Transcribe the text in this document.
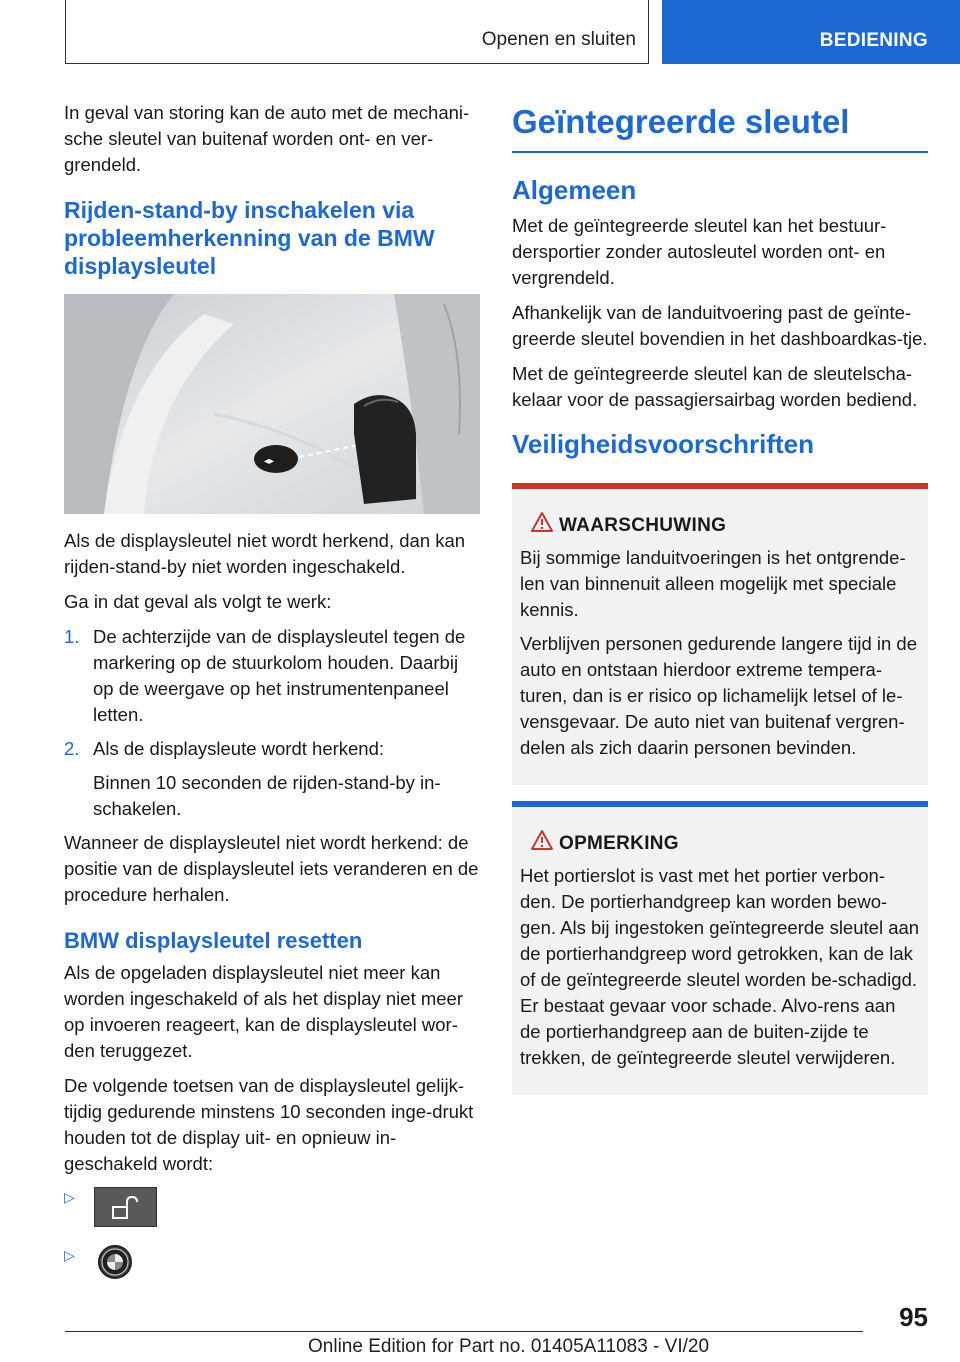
Openen en sluiten	BEDIENING

In geval van storing kan de auto met de mechani-sche sleutel van buitenaf worden ont- en ver-grendeld.

Rijden-stand-by inschakelen via probleemherkenning van de BMW displaysleutel
◂▸

Als de displaysleutel niet wordt herkend, dan kan rijden-stand-by niet worden ingeschakeld.

Ga in dat geval als volgt te werk:

1. De achterzijde van de displaysleutel tegen de markering op de stuurkolom houden. Daarbij op de weergave op het instrumentenpaneel letten.
2. Als de displaysleute wordt herkend:
Binnen 10 seconden de rijden-stand-by in-schakelen.

Wanneer de displaysleutel niet wordt herkend: de positie van de displaysleutel iets veranderen en de procedure herhalen.

BMW displaysleutel resetten

Als de opgeladen displaysleutel niet meer kan worden ingeschakeld of als het display niet meer op invoeren reageert, kan de displaysleutel wor-den teruggezet.

De volgende toetsen van de displaysleutel gelijk-tijdig gedurende minstens 10 seconden inge-drukt houden tot de display uit- en opnieuw in-geschakeld wordt:

▷
▷
Geïntegreerde sleutel
Algemeen

Met de geïntegreerde sleutel kan het bestuur-dersportier zonder autosleutel worden ont- en vergrendeld.

Afhankelijk van de landuitvoering past de geïnte-greerde sleutel bovendien in het dashboardkas-tje.

Met de geïntegreerde sleutel kan de sleutelscha-kelaar voor de passagiersairbag worden bediend.

Veiligheidsvoorschriften
WAARSCHUWING

Bij sommige landuitvoeringen is het ontgrende-len van binnenuit alleen mogelijk met speciale kennis.

Verblijven personen gedurende langere tijd in de auto en ontstaan hierdoor extreme tempera-turen, dan is er risico op lichamelijk letsel of le-vensgevaar. De auto niet van buitenaf vergren-delen als zich daarin personen bevinden.

OPMERKING

Het portierslot is vast met het portier verbon-den. De portierhandgreep kan worden bewo-gen. Als bij ingestoken geïntegreerde sleutel aan de portierhandgreep word getrokken, kan de lak of de geïntegreerde sleutel worden be-schadigd. Er bestaat gevaar voor schade. Alvo-rens aan de portierhandgreep aan de buiten-zijde te trekken, de geïntegreerde sleutel verwijderen.

95
Online Edition for Part no. 01405A11083 - VI/20
